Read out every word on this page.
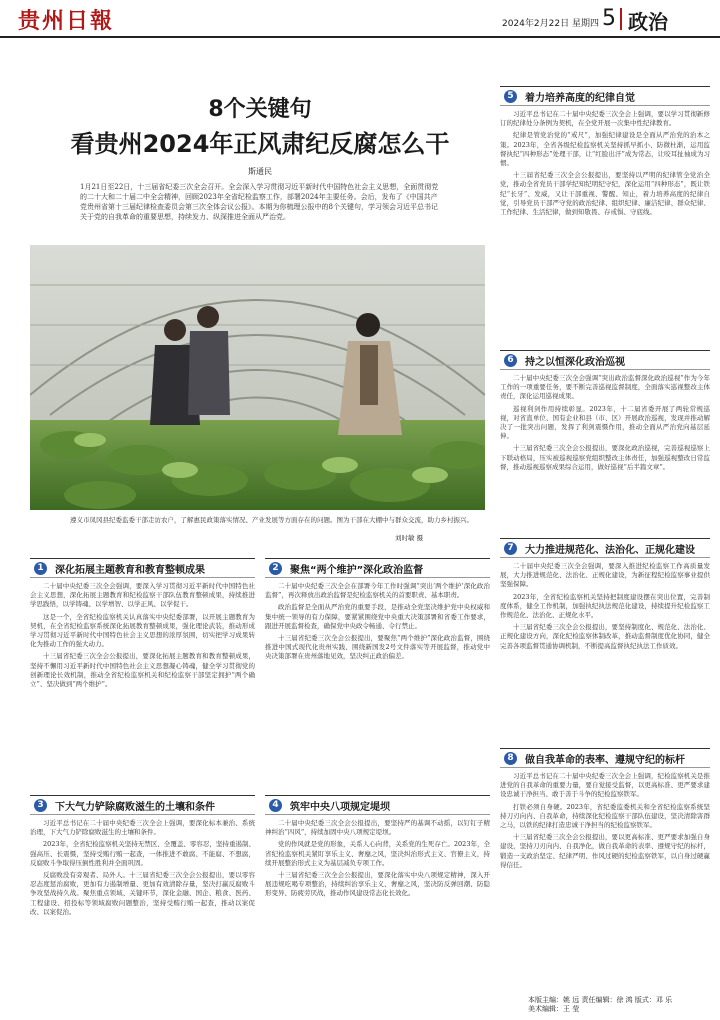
贵州日報	2024年2月22日 星期四 5 政治
8个关键句
看贵州2024年正风肃纪反腐怎么干
斯通民
1月21日至22日，十三届省纪委三次全会召开。全会深入学习贯彻习近平新时代中国特色社会主义思想，全面贯彻党的二十大和二十届二中全会精神，回顾2023年全省纪检监察工作，部署2024年主要任务。会后，发布了《中国共产党贵州省第十三届纪律检查委员会第三次全体会议公报》。本期为你梳理公报中的8个关键句，学习领会习近平总书记关于党的自我革命的重要思想，持续发力、纵深推进全面从严治党。
遵义市凤冈县纪委监委干部走访农户，了解惠民政策落实情况、产业发展等方面存在的问题。图为干部在大棚中与群众交流，助力乡村振兴。
刘时敏 摄
1	深化拓展主题教育和教育整顿成果

二十届中央纪委三次全会强调，要深入学习贯彻习近平新时代中国特色社会主义思想，深化拓展主题教育和纪检监察干部队伍教育整顿成果，持续推进学思践悟，以学铸魂、以学增智、以学正风、以学促干。

这是一个，全省纪检监察机关认真落实中央纪委部署，以开展主题教育为契机，在全省纪检监察系统深化拓展教育整顿成果，强化理论武装，推动形成学习贯彻习近平新时代中国特色社会主义思想的浓厚氛围，切实把学习成果转化为推动工作的强大动力。

十三届省纪委三次全会公报提出，要深化拓展主题教育和教育整顿成果，坚持不懈用习近平新时代中国特色社会主义思想凝心铸魂，健全学习贯彻党的创新理论长效机制，推动全省纪检监察机关和纪检监察干部坚定拥护“两个确立”、坚决做到“两个维护”。

2	聚焦“两个维护”深化政治监督

二十届中央纪委三次全会在部署今年工作时强调“突出‘两个维护’深化政治监督”，再次释放出政治监督是纪检监察机关的首要职责、基本职责。

政治监督是全面从严治党的重要手段，是推动全党坚决维护党中央权威和集中统一领导的有力保障，要紧紧围绕党中央重大决策部署和省委工作要求，跟进开展监督检查，确保党中央政令畅通、令行禁止。

十三届省纪委三次全会公报提出，要聚焦“两个维护”深化政治监督，围绕推进中国式现代化贵州实践、围绕新国发2号文件落实等开展监督，推动党中央决策部署在贵州落地见效，坚决纠正政治偏差。

3	下大气力铲除腐败滋生的土壤和条件

习近平总书记在二十届中央纪委三次全会上强调，要深化标本兼治、系统治理，下大气力铲除腐败滋生的土壤和条件。

2023年，全省纪检监察机关坚持无禁区、全覆盖、零容忍，坚持重遏制、强高压、长震慑，坚持受贿行贿一起查，一体推进不敢腐、不能腐、不想腐，反腐败斗争取得压倒性胜利并全面巩固。

反腐败没有旁观者、局外人。十三届省纪委三次全会公报提出，要以零容忍态度惩治腐败，更加有力遏制增量、更加有效清除存量，坚决打赢反腐败斗争攻坚战持久战。聚焦重点领域、关键环节，深化金融、国企、粮食、医药、工程建设、招投标等领域腐败问题整治，坚持受贿行贿一起查，推动以案促改、以案促治。

4	筑牢中央八项规定堤坝

二十届中央纪委三次全会公报提出，要坚持严的基调不动摇，以钉钉子精神纠治“四风”，持续加固中央八项规定堤坝。

党的作风就是党的形象，关系人心向背，关系党的生死存亡。2023年，全省纪检监察机关紧盯享乐主义、奢靡之风，坚决纠治形式主义、官僚主义，持续开展整治形式主义为基层减负专项工作。

十三届省纪委三次全会公报提出，要深化落实中央八项规定精神，深入开展违规吃喝专项整治，持续纠治享乐主义、奢靡之风，坚决防反弹回潮、防隐形变异、防疲劳厌战，推动作风建设常态化长效化。

5	着力培养高度的纪律自觉

习近平总书记在二十届中央纪委三次全会上强调，要以学习贯彻新修订的纪律处分条例为契机，在全党开展一次集中性纪律教育。

纪律是管党治党的“戒尺”，加强纪律建设是全面从严治党的治本之策。2023年，全省各级纪检监察机关坚持抓早抓小、防微杜渐，运用监督执纪“四种形态”处理干部，让“红脸出汗”成为常态，让咬耳扯袖成为习惯。

十三届省纪委三次全会公报提出，要坚持以严明的纪律管全党治全党，推动全省党员干部学纪知纪明纪守纪，深化运用“四种形态”，既让铁纪“长牙”、发威，又让干部重视、警醒、知止，着力培养高度的纪律自觉，引导党员干部严守党的政治纪律、组织纪律、廉洁纪律、群众纪律、工作纪律、生活纪律，做到知敬畏、存戒惧、守底线。

6	持之以恒深化政治巡视

二十届中央纪委三次全会强调“突出政治监督深化政治巡视”作为今年工作的一项重要任务，要不断完善巡视监督制度，全面落实巡视整改主体责任，深化运用巡视成果。

巡视利剑作用持续彰显。2023年，十二届省委开展了两轮常规巡视，对省直单位、国有企业和县（市、区）开展政治巡视，发现并推动解决了一批突出问题，发挥了利剑震慑作用，推动全面从严治党向基层延伸。

十三届省纪委三次全会公报提出，要深化政治巡视，完善巡视巡察上下联动格局，压实被巡视巡察党组织整改主体责任，加强巡视整改日常监督，推动巡视巡察成果综合运用，做好巡视“后半篇文章”。

7	大力推进规范化、法治化、正规化建设

二十届中央纪委三次全会强调，要深入推进纪检监察工作高质量发展，大力推进规范化、法治化、正规化建设，为新征程纪检监察事业提供坚强保障。

2023年，全省纪检监察机关坚持把制度建设摆在突出位置，完善制度体系，健全工作机制，加强执纪执法规范化建设，持续提升纪检监察工作规范化、法治化、正规化水平。

十三届省纪委三次全会公报提出，要坚持制度化、规范化、法治化、正规化建设方向，深化纪检监察体制改革，推动监督制度优化协同，健全完善各项监督贯通协调机制，不断提高监督执纪执法工作质效。

8	做自我革命的表率、遵规守纪的标杆

习近平总书记在二十届中央纪委三次全会上强调，纪检监察机关是推进党的自我革命的重要力量，要自觉接受监督，以更高标准、更严要求建设忠诚干净担当、敢于善于斗争的纪检监察铁军。

打铁必须自身硬。2023年，省纪委监委机关和全省纪检监察系统坚持刀刃向内、自我革命，持续深化纪检监察干部队伍建设，坚决清除害群之马，以铁的纪律打造忠诚干净担当的纪检监察铁军。

十三届省纪委三次全会公报提出，要以更高标准、更严要求加强自身建设，坚持刀刃向内、自我净化，做自我革命的表率、遵规守纪的标杆，锻造一支政治坚定、纪律严明、作风过硬的纪检监察铁军，以自身过硬赢得信任。

本版主编：姚 远 责任编辑：徐 鸿 版式：邓 乐
美术编辑：王 莹
